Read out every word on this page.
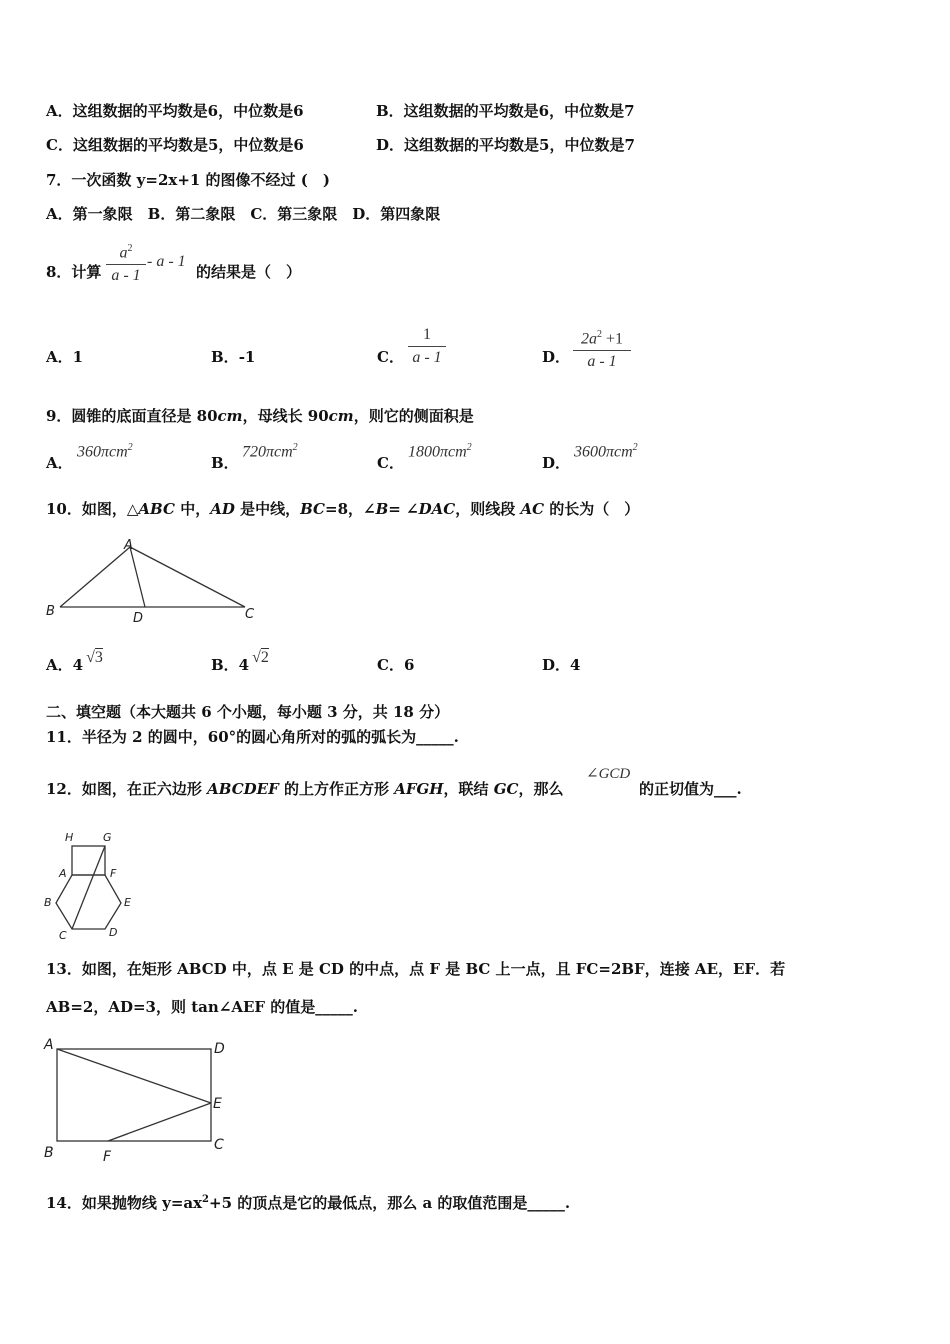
A．这组数据的平均数是6，中位数是6	B．这组数据的平均数是6，中位数是7
C．这组数据的平均数是5，中位数是6	D．这组数据的平均数是5，中位数是7
7．一次函数 y=2x+1 的图像不经过 (　)
A．第一象限　B．第二象限　C．第三象限　D．第四象限
8．计算
$a^2$
a - 1
- a - 1
的结果是（　）
A．1	B．-1	C．
1
a - 1	D．
$2a^2 +1$
a - 1
9．圆锥的底面直径是 80cm，母线长 90cm，则它的侧面积是
A．
360πcm$^2$
B．
720πcm$^2$
C．
1800πcm$^2$
D．
3600πcm$^2$
10．如图，△ABC 中，AD 是中线，BC=8，∠B= ∠DAC，则线段 AC 的长为（　）
A
B	C
D
A．4 √3	B．4 √2	C．6	D．4
二、填空题（本大题共 6 个小题，每小题 3 分，共 18 分）
11．半径为 2 的圆中，60°的圆心角所对的弧的弧长为_____.
12．如图，在正六边形 ABCDEF 的上方作正方形 AFGH，联结 GC，那么
∠GCD
的正切值为___.
H	G
A	F
B	E
C	D
13．如图，在矩形 ABCD 中，点 E 是 CD 的中点，点 F 是 BC 上一点，且 FC=2BF，连接 AE，EF．若
AB=2，AD=3，则 tan∠AEF 的值是_____.
A
B	C
D
E
F
14．如果抛物线 $y=ax^2+5$ 的顶点是它的最低点，那么 a 的取值范围是_____.
